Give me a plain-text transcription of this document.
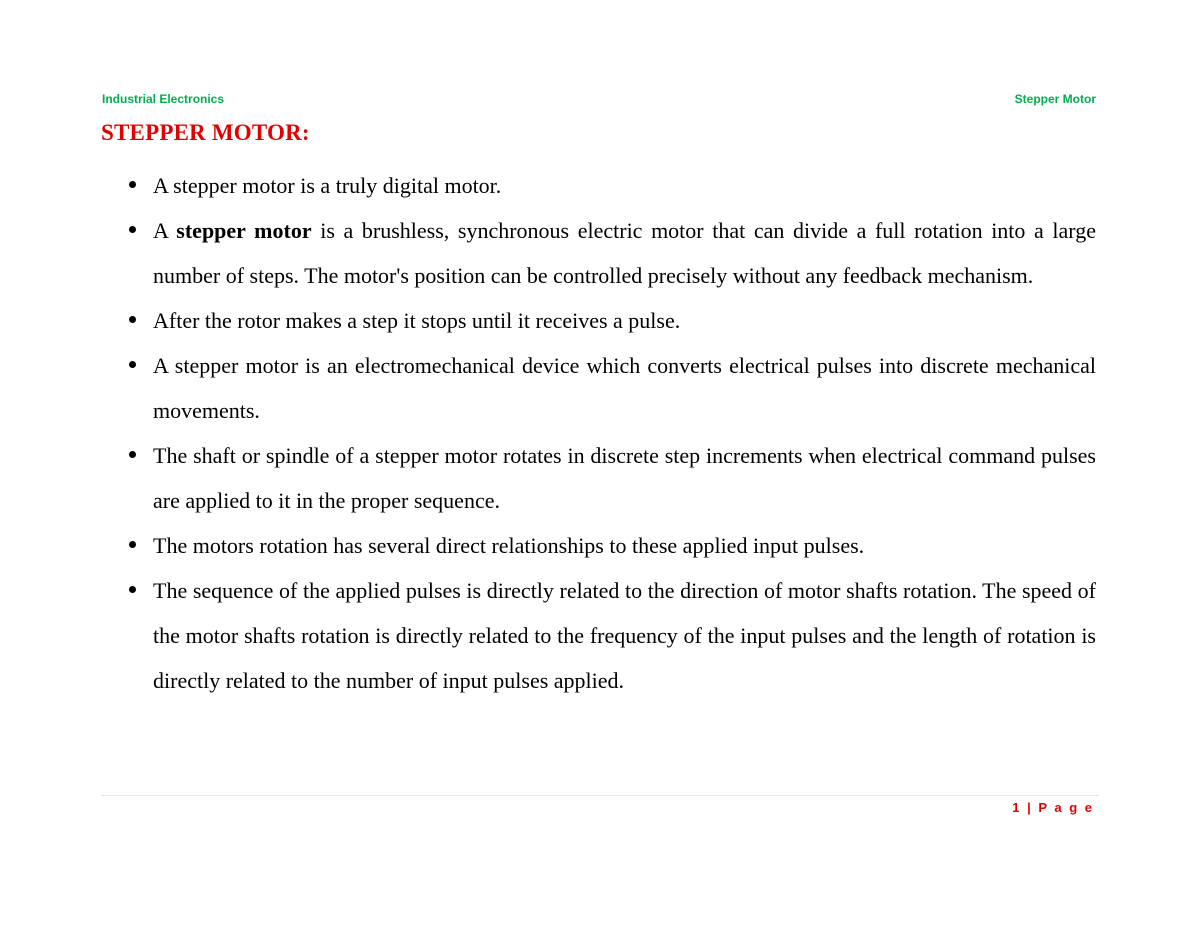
Industrial Electronics	Stepper Motor
STEPPER MOTOR:
A stepper motor is a truly digital motor.
A stepper motor is a brushless, synchronous electric motor that can divide a full rotation into a large number of steps. The motor's position can be controlled precisely without any feedback mechanism.
After the rotor makes a step it stops until it receives a pulse.
A stepper motor is an electromechanical device which converts electrical pulses into discrete mechanical movements.
The shaft or spindle of a stepper motor rotates in discrete step increments when electrical command pulses are applied to it in the proper sequence.
The motors rotation has several direct relationships to these applied input pulses.
The sequence of the applied pulses is directly related to the direction of motor shafts rotation. The speed of the motor shafts rotation is directly related to the frequency of the input pulses and the length of rotation is directly related to the number of input pulses applied.
1 | P a g e
